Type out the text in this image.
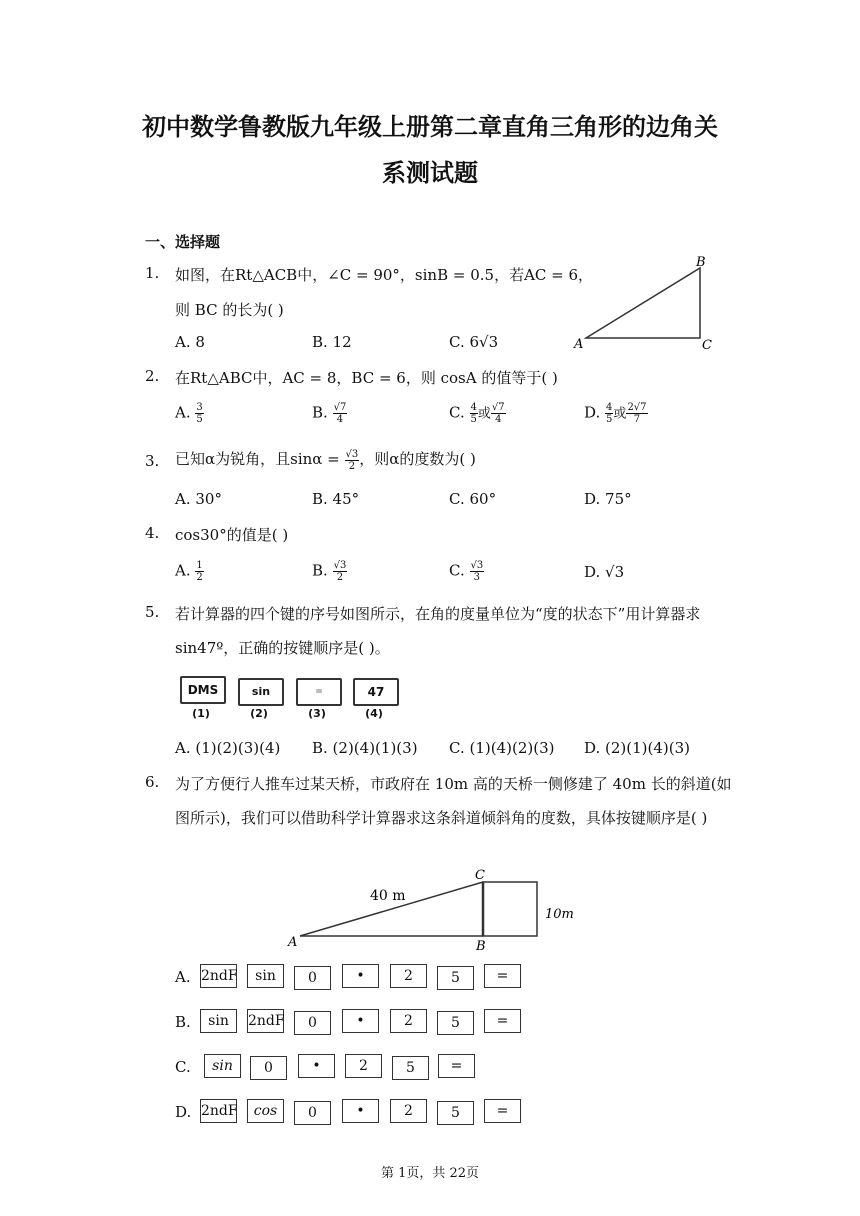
初中数学鲁教版九年级上册第二章直角三角形的边角关
系测试题
一、选择题
1. 如图，在Rt△ACB中，∠C = 90°，sinB = 0.5，若AC = 6，
则 BC 的长为( )
A. 8	B. 12	C. 6√3	A
B
C
2. 在Rt△ABC中，AC = 8，BC = 6，则 cosA 的值等于( )
A. $\frac{3}{5}$	B. $\frac{√7}{4}$	C. $\frac{4}{5}$ 或 $\frac{√7}{4}$	D. $\frac{4}{5}$ 或 $\frac{2√7}{7}$
3. 已知α为锐角，且$\sin\alpha = \frac{√3}{2}$ ，则α的度数为( )
A. 30°	B. 45°	C. 60°	D. 75°
4. cos30°的值是( )
A. $\frac{1}{2}$	B. $\frac{√3}{2}$	C. $\frac{√3}{3}$	D. √3
5. 若计算器的四个键的序号如图所示，在角的度量单位为“度的状态下”用计算器求
sin47º，正确的按键顺序是( )。
DMS
(1)
sin
(2)
=
(3)
47
(4)
A. (1)(2)(3)(4) B. (2)(4)(1)(3) C. (1)(4)(2)(3) D. (2)(1)(4)(3)
6. 为了方便行人推车过某天桥，市政府在 10m 高的天桥一侧修建了 40m 长的斜道(如
图所示)，我们可以借助科学计算器求这条斜道倾斜角的度数，具体按键顺序是( )
40 m
10m
A	B
C
A. 2ndF	sin	0	•	2	5	=
B.	sin	2ndF	0	•	2	5	=
C.	sin	0	•	2	5	=
D. 2ndF	cos	0	•	2	5	=
第 1页，共 22页
